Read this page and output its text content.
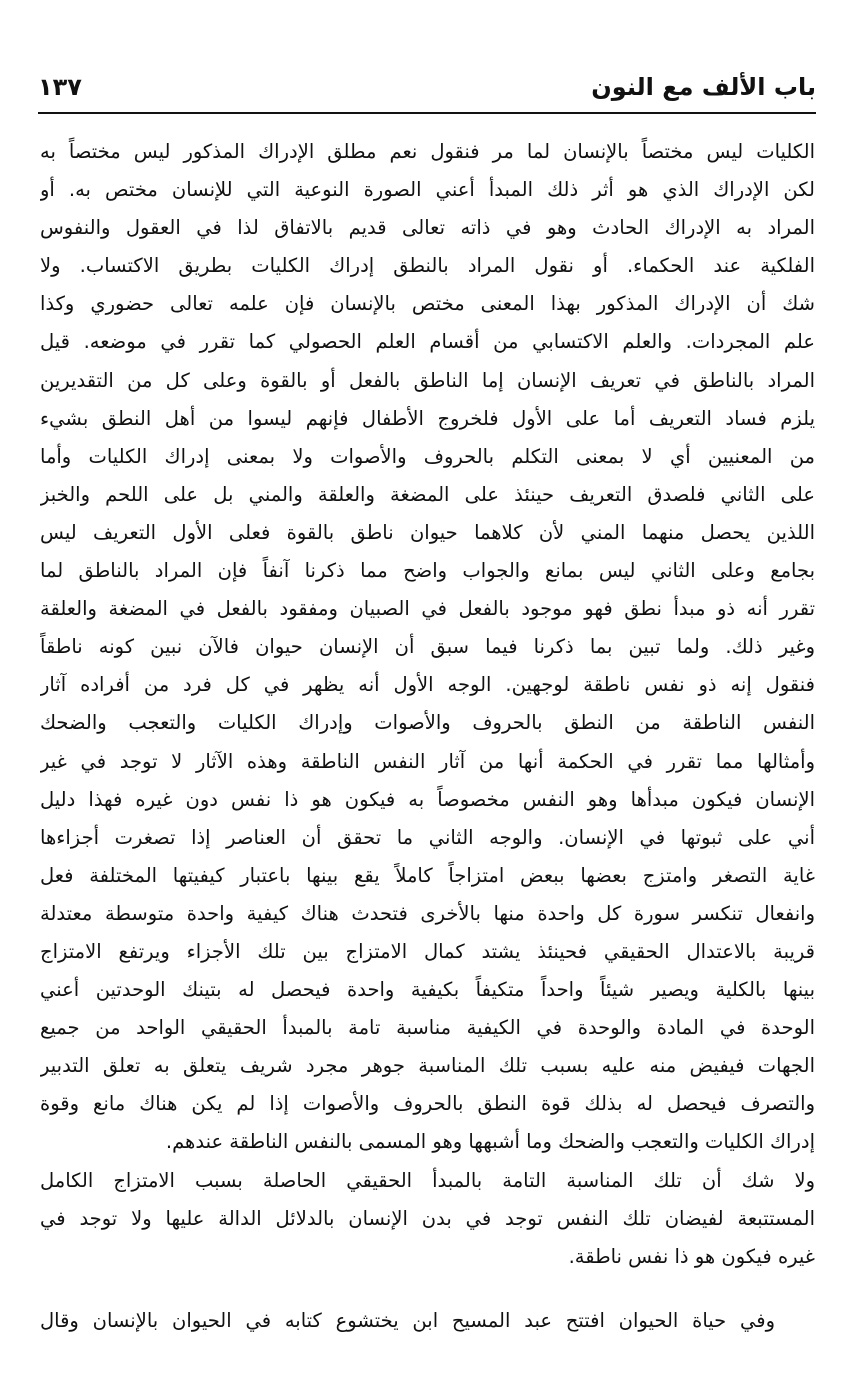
باب الألف مع النون
١٣٧
الكليات ليس مختصاً بالإنسان لما مر فنقول نعم مطلق الإدراك المذكور ليس مختصاً به
لكن الإدراك الذي هو أثر ذلك المبدأ أعني الصورة النوعية التي للإنسان مختص به. أو
المراد به الإدراك الحادث وهو في ذاته تعالى قديم بالاتفاق لذا في العقول والنفوس
الفلكية عند الحكماء. أو نقول المراد بالنطق إدراك الكليات بطريق الاكتساب. ولا
شك أن الإدراك المذكور بهذا المعنى مختص بالإنسان فإن علمه تعالى حضوري وكذا
علم المجردات. والعلم الاكتسابي من أقسام العلم الحصولي كما تقرر في موضعه. قيل
المراد بالناطق في تعريف الإنسان إما الناطق بالفعل أو بالقوة وعلى كل من التقديرين
يلزم فساد التعريف أما على الأول فلخروج الأطفال فإنهم ليسوا من أهل النطق بشيء
من المعنيين أي لا بمعنى التكلم بالحروف والأصوات ولا بمعنى إدراك الكليات وأما
على الثاني فلصدق التعريف حينئذ على المضغة والعلقة والمني بل على اللحم والخبز
اللذين يحصل منهما المني لأن كلاهما حيوان ناطق بالقوة فعلى الأول التعريف ليس
بجامع وعلى الثاني ليس بمانع والجواب واضح مما ذكرنا آنفاً فإن المراد بالناطق لما
تقرر أنه ذو مبدأ نطق فهو موجود بالفعل في الصبيان ومفقود بالفعل في المضغة والعلقة
وغير ذلك. ولما تبين بما ذكرنا فيما سبق أن الإنسان حيوان فالآن نبين كونه ناطقاً
فنقول إنه ذو نفس ناطقة لوجهين. الوجه الأول أنه يظهر في كل فرد من أفراده آثار
النفس الناطقة من النطق بالحروف والأصوات وإدراك الكليات والتعجب والضحك
وأمثالها مما تقرر في الحكمة أنها من آثار النفس الناطقة وهذه الآثار لا توجد في غير
الإنسان فيكون مبدأها وهو النفس مخصوصاً به فيكون هو ذا نفس دون غيره فهذا دليل
أني على ثبوتها في الإنسان. والوجه الثاني ما تحقق أن العناصر إذا تصغرت أجزاءها
غاية التصغر وامتزج بعضها ببعض امتزاجاً كاملاً يقع بينها باعتبار كيفيتها المختلفة فعل
وانفعال تنكسر سورة كل واحدة منها بالأخرى فتحدث هناك كيفية واحدة متوسطة معتدلة
قريبة بالاعتدال الحقيقي فحينئذ يشتد كمال الامتزاج بين تلك الأجزاء ويرتفع الامتزاج
بينها بالكلية ويصير شيئاً واحداً متكيفاً بكيفية واحدة فيحصل له بتينك الوحدتين أعني
الوحدة في المادة والوحدة في الكيفية مناسبة تامة بالمبدأ الحقيقي الواحد من جميع
الجهات فيفيض منه عليه بسبب تلك المناسبة جوهر مجرد شريف يتعلق به تعلق التدبير
والتصرف فيحصل له بذلك قوة النطق بالحروف والأصوات إذا لم يكن هناك مانع وقوة
إدراك الكليات والتعجب والضحك وما أشبهها وهو المسمى بالنفس الناطقة عندهم.
ولا شك أن تلك المناسبة التامة بالمبدأ الحقيقي الحاصلة بسبب الامتزاج الكامل
المستتبعة لفيضان تلك النفس توجد في بدن الإنسان بالدلائل الدالة عليها ولا توجد في
غيره فيكون هو ذا نفس ناطقة.
وفي حياة الحيوان افتتح عبد المسيح ابن يختشوع كتابه في الحيوان بالإنسان وقال
